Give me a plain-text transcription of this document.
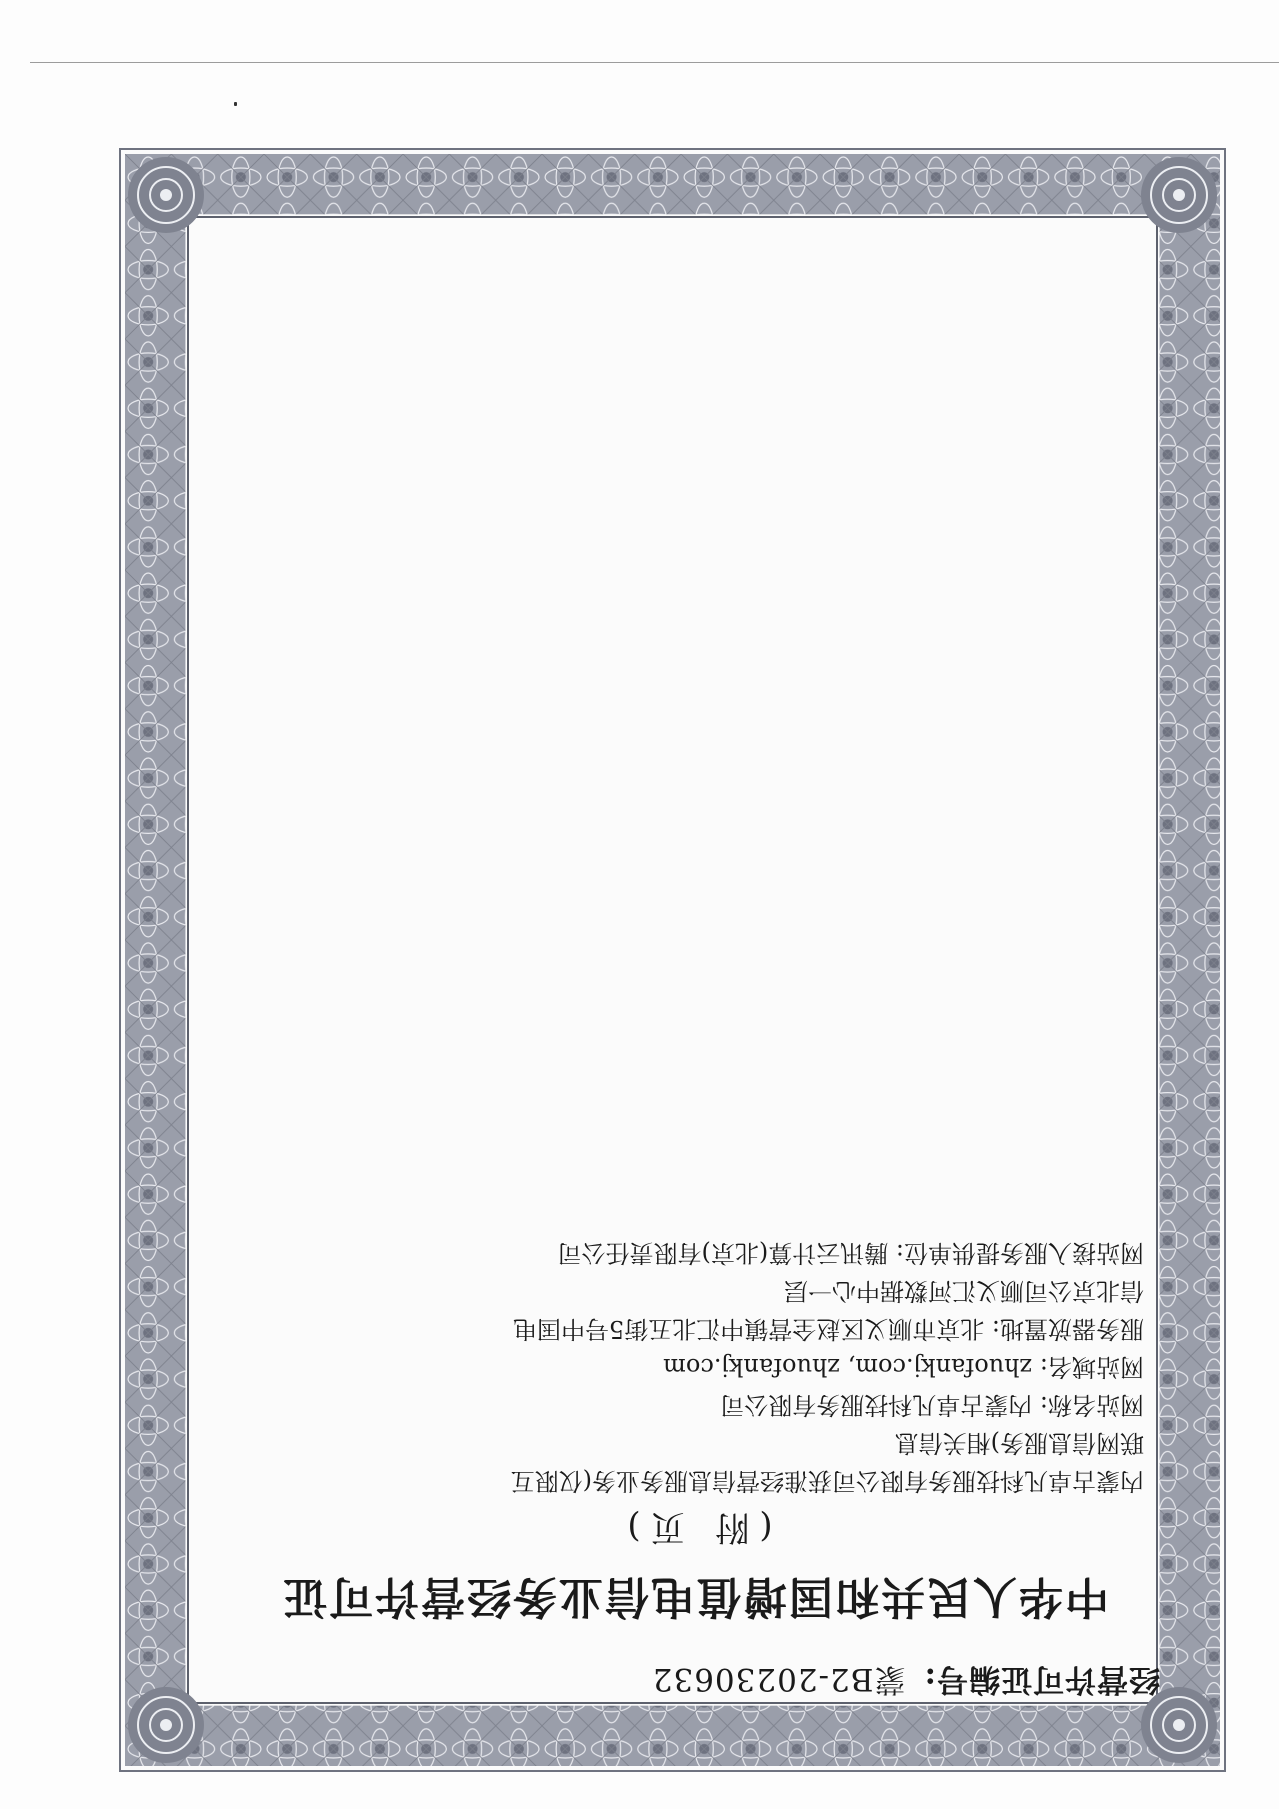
经营许可证编号:蒙B2-20230632
中华人民共和国增值电信业务经营许可证
(附 页)
内蒙古卓凡科技服务有限公司获准经营信息服务业务(仅限互
联网信息服务)相关信息
网站名称: 内蒙古卓凡科技服务有限公司
网站域名: zhuofankj.com, zhuofankj.com
服务器放置地: 北京市顺义区赵全营镇中汇北五街5号中国电
信北京公司顺义汇河数据中心一层
网站接入服务提供单位: 腾讯云计算(北京)有限责任公司
